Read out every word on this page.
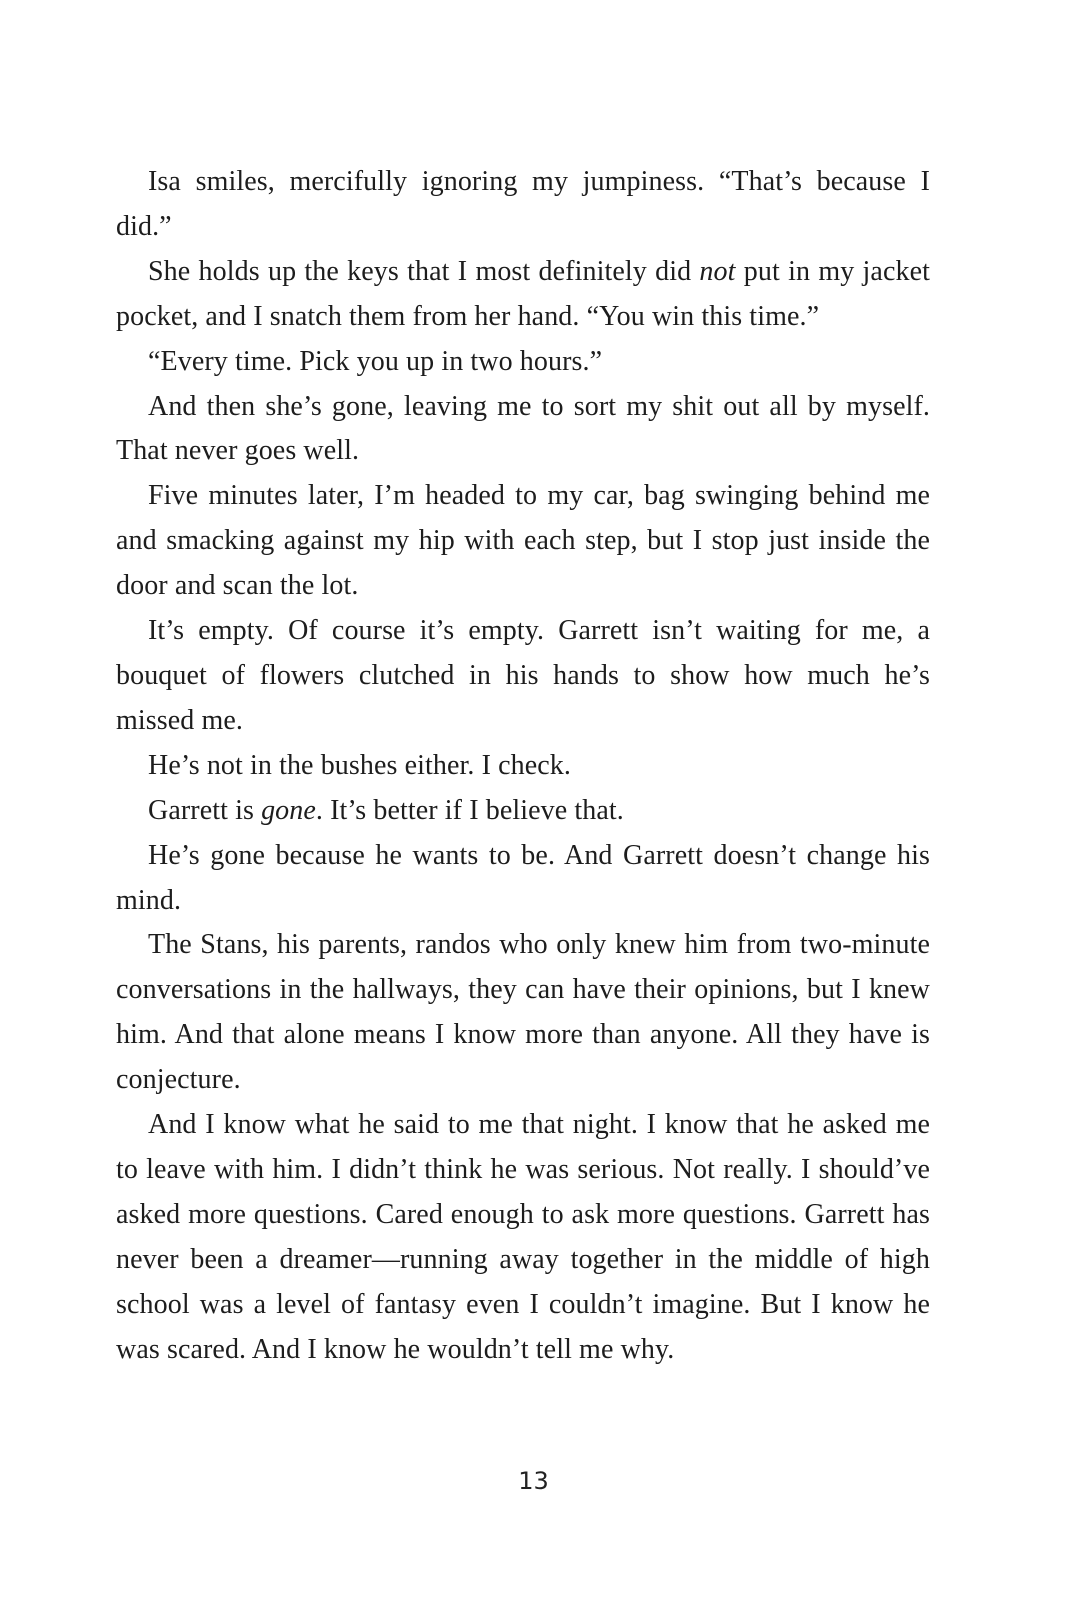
Isa smiles, mercifully ignoring my jumpiness. “That’s because I did.”

She holds up the keys that I most definitely did not put in my jacket pocket, and I snatch them from her hand. “You win this time.”

“Every time. Pick you up in two hours.”

And then she’s gone, leaving me to sort my shit out all by myself. That never goes well.

Five minutes later, I’m headed to my car, bag swinging behind me and smacking against my hip with each step, but I stop just inside the door and scan the lot.

It’s empty. Of course it’s empty. Garrett isn’t waiting for me, a bouquet of flowers clutched in his hands to show how much he’s missed me.

He’s not in the bushes either. I check.

Garrett is gone. It’s better if I believe that.

He’s gone because he wants to be. And Garrett doesn’t change his mind.

The Stans, his parents, randos who only knew him from two-minute conversations in the hallways, they can have their opinions, but I knew him. And that alone means I know more than anyone. All they have is conjecture.

And I know what he said to me that night. I know that he asked me to leave with him. I didn’t think he was serious. Not really. I should’ve asked more questions. Cared enough to ask more questions. Garrett has never been a dreamer—running away together in the middle of high school was a level of fantasy even I couldn’t imagine. But I know he was scared. And I know he wouldn’t tell me why.

13
